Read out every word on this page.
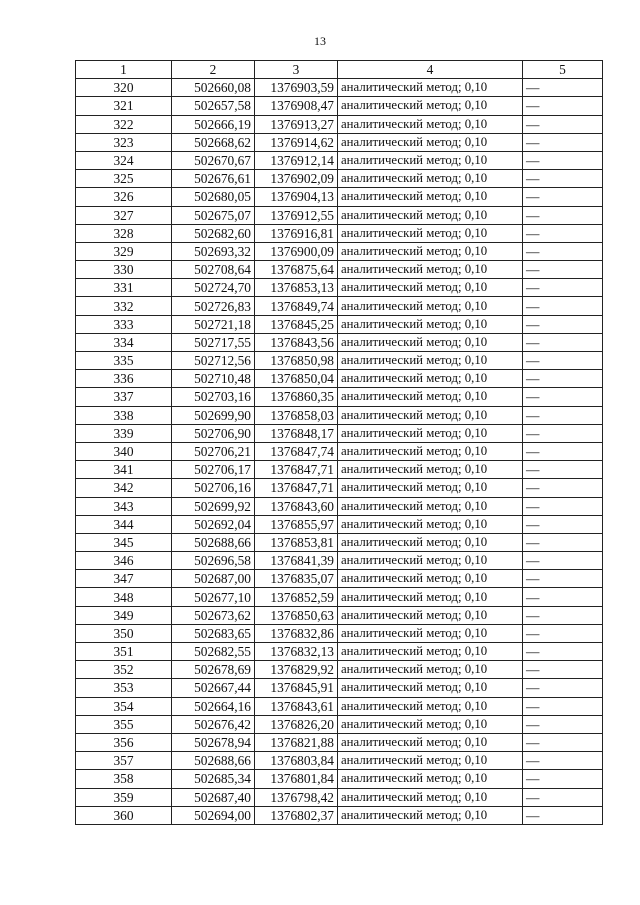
13
1	2	3	4	5
320	502660,08	1376903,59	аналитический метод; 0,10	—
321	502657,58	1376908,47	аналитический метод; 0,10	—
322	502666,19	1376913,27	аналитический метод; 0,10	—
323	502668,62	1376914,62	аналитический метод; 0,10	—
324	502670,67	1376912,14	аналитический метод; 0,10	—
325	502676,61	1376902,09	аналитический метод; 0,10	—
326	502680,05	1376904,13	аналитический метод; 0,10	—
327	502675,07	1376912,55	аналитический метод; 0,10	—
328	502682,60	1376916,81	аналитический метод; 0,10	—
329	502693,32	1376900,09	аналитический метод; 0,10	—
330	502708,64	1376875,64	аналитический метод; 0,10	—
331	502724,70	1376853,13	аналитический метод; 0,10	—
332	502726,83	1376849,74	аналитический метод; 0,10	—
333	502721,18	1376845,25	аналитический метод; 0,10	—
334	502717,55	1376843,56	аналитический метод; 0,10	—
335	502712,56	1376850,98	аналитический метод; 0,10	—
336	502710,48	1376850,04	аналитический метод; 0,10	—
337	502703,16	1376860,35	аналитический метод; 0,10	—
338	502699,90	1376858,03	аналитический метод; 0,10	—
339	502706,90	1376848,17	аналитический метод; 0,10	—
340	502706,21	1376847,74	аналитический метод; 0,10	—
341	502706,17	1376847,71	аналитический метод; 0,10	—
342	502706,16	1376847,71	аналитический метод; 0,10	—
343	502699,92	1376843,60	аналитический метод; 0,10	—
344	502692,04	1376855,97	аналитический метод; 0,10	—
345	502688,66	1376853,81	аналитический метод; 0,10	—
346	502696,58	1376841,39	аналитический метод; 0,10	—
347	502687,00	1376835,07	аналитический метод; 0,10	—
348	502677,10	1376852,59	аналитический метод; 0,10	—
349	502673,62	1376850,63	аналитический метод; 0,10	—
350	502683,65	1376832,86	аналитический метод; 0,10	—
351	502682,55	1376832,13	аналитический метод; 0,10	—
352	502678,69	1376829,92	аналитический метод; 0,10	—
353	502667,44	1376845,91	аналитический метод; 0,10	—
354	502664,16	1376843,61	аналитический метод; 0,10	—
355	502676,42	1376826,20	аналитический метод; 0,10	—
356	502678,94	1376821,88	аналитический метод; 0,10	—
357	502688,66	1376803,84	аналитический метод; 0,10	—
358	502685,34	1376801,84	аналитический метод; 0,10	—
359	502687,40	1376798,42	аналитический метод; 0,10	—
360	502694,00	1376802,37	аналитический метод; 0,10	—
